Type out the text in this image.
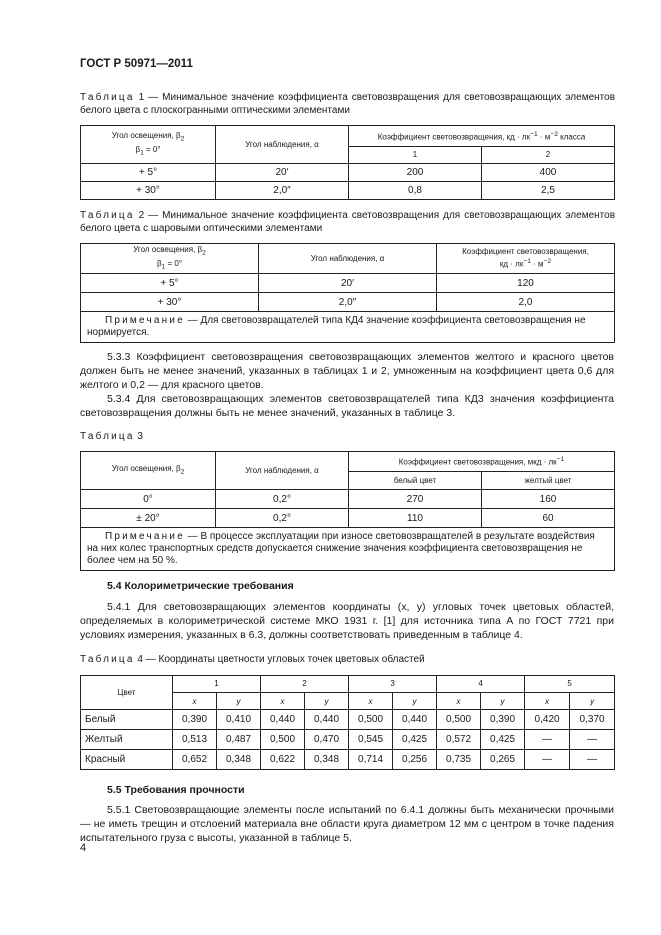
ГОСТ Р 50971—2011
Таблица 1 — Минимальное значение коэффициента световозвращения для световозвращающих элементов белого цвета с плоскогранными оптическими элементами
Угол освещения, $\beta_2$
$\beta_1 = 0^\circ$	Угол наблюдения, α	Коэффициент световозвращения, кд · $лк^{-1} \cdot м^{-2}$ класса	
		1	2
+ 5°	20′	200	400
+ 30°	2,0″	0,8	2,5
Таблица 2 — Минимальное значение коэффициента световозвращения для световозвращающих элементов белого цвета с шаровыми оптическими элементами
Угол освещения, $\beta_2$
$\beta_1 = 0^\circ$	Угол наблюдения, α	Коэффициент световозвращения,
кд · $лк^{-1} \cdot м^{-2}$
+ 5°	20′	120
+ 30°	2,0″	2,0
Примечание — Для световозвращателей типа КД4 значение коэффициента световозвращения не нормируется.		
5.3.3 Коэффициент световозвращения световозвращающих элементов желтого и красного цветов должен быть не менее значений, указанных в таблицах 1 и 2, умноженным на коэффициент цвета 0,6 для желтого и 0,2 — для красного цветов.
5.3.4 Для световозвращающих элементов световозвращателей типа КД3 значения коэффициента световозвращения должны быть не менее значений, указанных в таблице 3.
Таблица 3
Угол освещения, $\beta_2$	Угол наблюдения, α	Коэффициент световозвращения, мкд · $лк^{-1}$
		белый цвет	желтый цвет
0°	0,2°	270	160
± 20°	0,2°	110	60
Примечание — В процессе эксплуатации при износе световозвращателей в результате воздействия на них колес транспортных средств допускается снижение значения коэффициента световозвращения не более чем на 50 %.			
5.4 Колориметрические требования
5.4.1 Для световозвращающих элементов координаты (x, y) угловых точек цветовых областей, определяемых в колориметрической системе МКО 1931 г. [1] для источника типа А по ГОСТ 7721 при условиях измерения, указанных в 6.3, должны соответствовать приведенным в таблице 4.
Таблица 4 — Координаты цветности угловых точек цветовых областей
Цвет	1		2		3		4		5	
	x	y	x	y	x	y	x	y	x	y
Белый	0,390	0,410	0,440	0,440	0,500	0,440	0,500	0,390	0,420	0,370
Желтый	0,513	0,487	0,500	0,470	0,545	0,425	0,572	0,425	—	—
Красный	0,652	0,348	0,622	0,348	0,714	0,256	0,735	0,265	—	—
5.5 Требования прочности
5.5.1 Световозвращающие элементы после испытаний по 6.4.1 должны быть механически прочными — не иметь трещин и отслоений материала вне области круга диаметром 12 мм с центром в точке падения испытательного груза с высоты, указанной в таблице 5.
4
